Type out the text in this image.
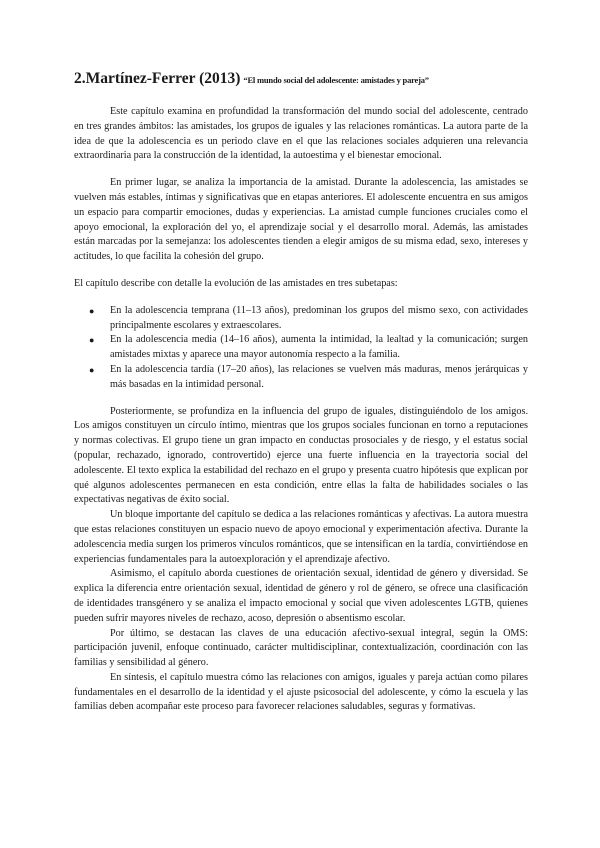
2.Martínez-Ferrer (2013) “El mundo social del adolescente: amistades y pareja”

Este capítulo examina en profundidad la transformación del mundo social del adolescente, centrado en tres grandes ámbitos: las amistades, los grupos de iguales y las relaciones románticas. La autora parte de la idea de que la adolescencia es un periodo clave en el que las relaciones sociales adquieren una relevancia extraordinaria para la construcción de la identidad, la autoestima y el bienestar emocional.

En primer lugar, se analiza la importancia de la amistad. Durante la adolescencia, las amistades se vuelven más estables, íntimas y significativas que en etapas anteriores. El adolescente encuentra en sus amigos un espacio para compartir emociones, dudas y experiencias. La amistad cumple funciones cruciales como el apoyo emocional, la exploración del yo, el aprendizaje social y el desarrollo moral. Además, las amistades están marcadas por la semejanza: los adolescentes tienden a elegir amigos de su misma edad, sexo, intereses y actitudes, lo que facilita la cohesión del grupo.

El capítulo describe con detalle la evolución de las amistades en tres subetapas:

● En la adolescencia temprana (11–13 años), predominan los grupos del mismo sexo, con actividades principalmente escolares y extraescolares.
● En la adolescencia media (14–16 años), aumenta la intimidad, la lealtad y la comunicación; surgen amistades mixtas y aparece una mayor autonomía respecto a la familia.
● En la adolescencia tardía (17–20 años), las relaciones se vuelven más maduras, menos jerárquicas y más basadas en la intimidad personal.

Posteriormente, se profundiza en la influencia del grupo de iguales, distinguiéndolo de los amigos. Los amigos constituyen un círculo íntimo, mientras que los grupos sociales funcionan en torno a reputaciones y normas colectivas. El grupo tiene un gran impacto en conductas prosociales y de riesgo, y el estatus social (popular, rechazado, ignorado, controvertido) ejerce una fuerte influencia en la trayectoria social del adolescente. El texto explica la estabilidad del rechazo en el grupo y presenta cuatro hipótesis que explican por qué algunos adolescentes permanecen en esta condición, entre ellas la falta de habilidades sociales o las expectativas negativas de éxito social.

Un bloque importante del capítulo se dedica a las relaciones románticas y afectivas. La autora muestra que estas relaciones constituyen un espacio nuevo de apoyo emocional y experimentación afectiva. Durante la adolescencia media surgen los primeros vínculos románticos, que se intensifican en la tardía, convirtiéndose en experiencias fundamentales para la autoexploración y el aprendizaje afectivo.

Asimismo, el capítulo aborda cuestiones de orientación sexual, identidad de género y diversidad. Se explica la diferencia entre orientación sexual, identidad de género y rol de género, se ofrece una clasificación de identidades transgénero y se analiza el impacto emocional y social que viven adolescentes LGTB, quienes pueden sufrir mayores niveles de rechazo, acoso, depresión o absentismo escolar.

Por último, se destacan las claves de una educación afectivo-sexual integral, según la OMS: participación juvenil, enfoque continuado, carácter multidisciplinar, contextualización, coordinación con las familias y sensibilidad al género.

En síntesis, el capítulo muestra cómo las relaciones con amigos, iguales y pareja actúan como pilares fundamentales en el desarrollo de la identidad y el ajuste psicosocial del adolescente, y cómo la escuela y las familias deben acompañar este proceso para favorecer relaciones saludables, seguras y formativas.
